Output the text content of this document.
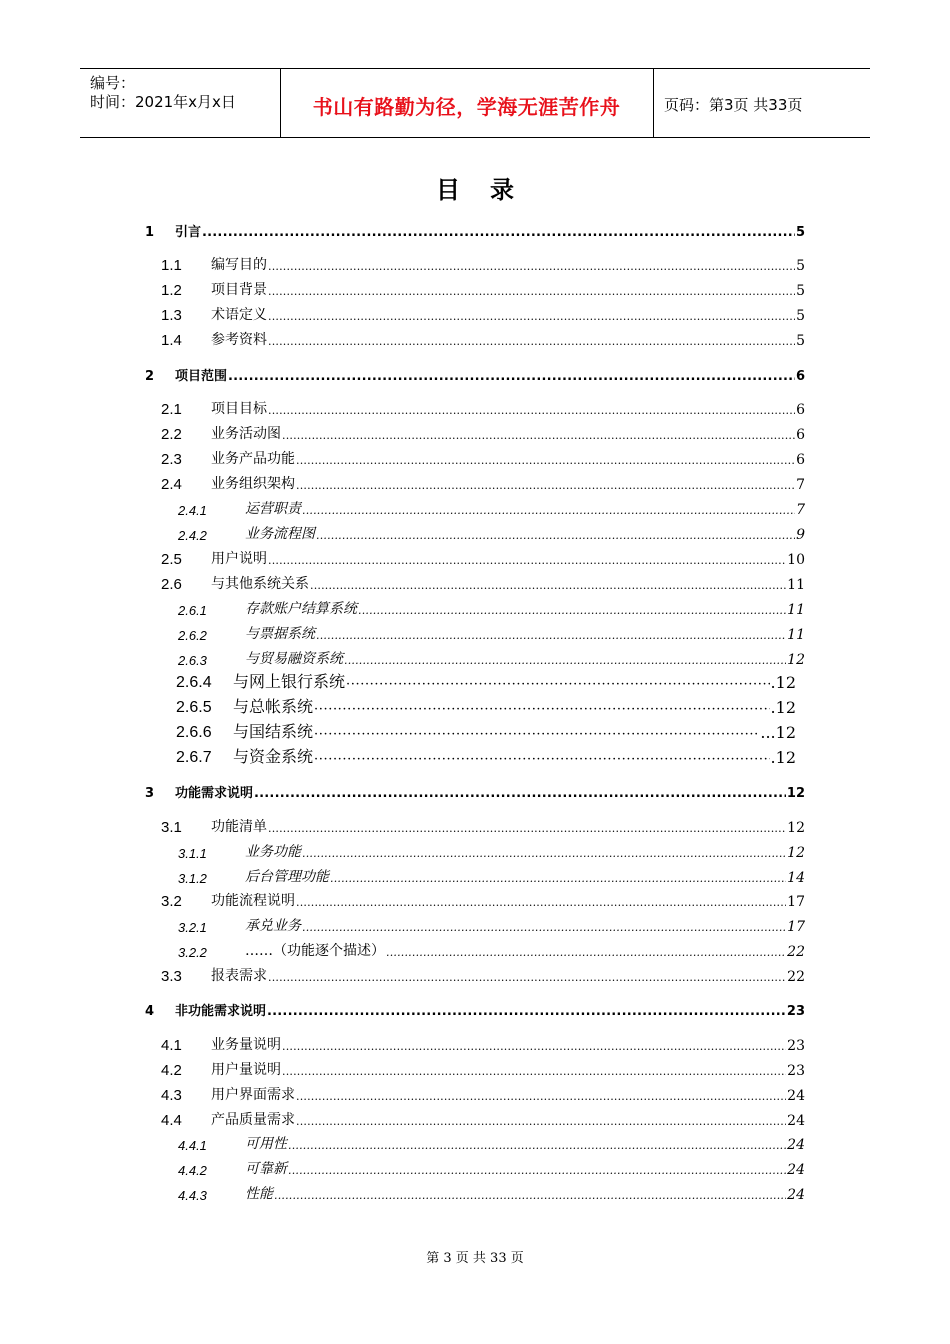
编号：
时间：2021年x月x日	书山有路勤为径，学海无涯苦作舟	页码：第3页 共33页
目录
1	引言 .....	5
1.1	编写目的 .....	5
1.2	项目背景 .....	5
1.3	术语定义 .....	5
1.4	参考资料 .....	5
2	项目范围 .....	6
2.1	项目目标 .....	6
2.2	业务活动图 .....	6
2.3	业务产品功能 .....	6
2.4	业务组织架构 .....	7
2.4.1	运营职责 .....	7
2.4.2	业务流程图 .....	9
2.5	用户说明 .....	10
2.6	与其他系统关系 .....	11
2.6.1	存款账户结算系统 .....	11
2.6.2	与票据系统 .....	11
2.6.3	与贸易融资系统 .....	12
2.6.4	与网上银行系统 ·····	.12
2.6.5	与总帐系统 ·····	.12
2.6.6	与国结系统 ·····	...12
2.6.7	与资金系统 ·····	.12
3	功能需求说明 .....	12
3.1	功能清单 .....	12
3.1.1	业务功能 .....	12
3.1.2	后台管理功能 .....	14
3.2	功能流程说明 .....	17
3.2.1	承兑业务 .....	17
3.2.2	……（功能逐个描述） .....	22
3.3	报表需求 .....	22
4	非功能需求说明 .....	23
4.1	业务量说明 .....	23
4.2	用户量说明 .....	23
4.3	用户界面需求 .....	24
4.4	产品质量需求 .....	24
4.4.1	可用性 .....	24
4.4.2	可靠新 .....	24
4.4.3	性能 .....	24
第 3 页 共 33 页
